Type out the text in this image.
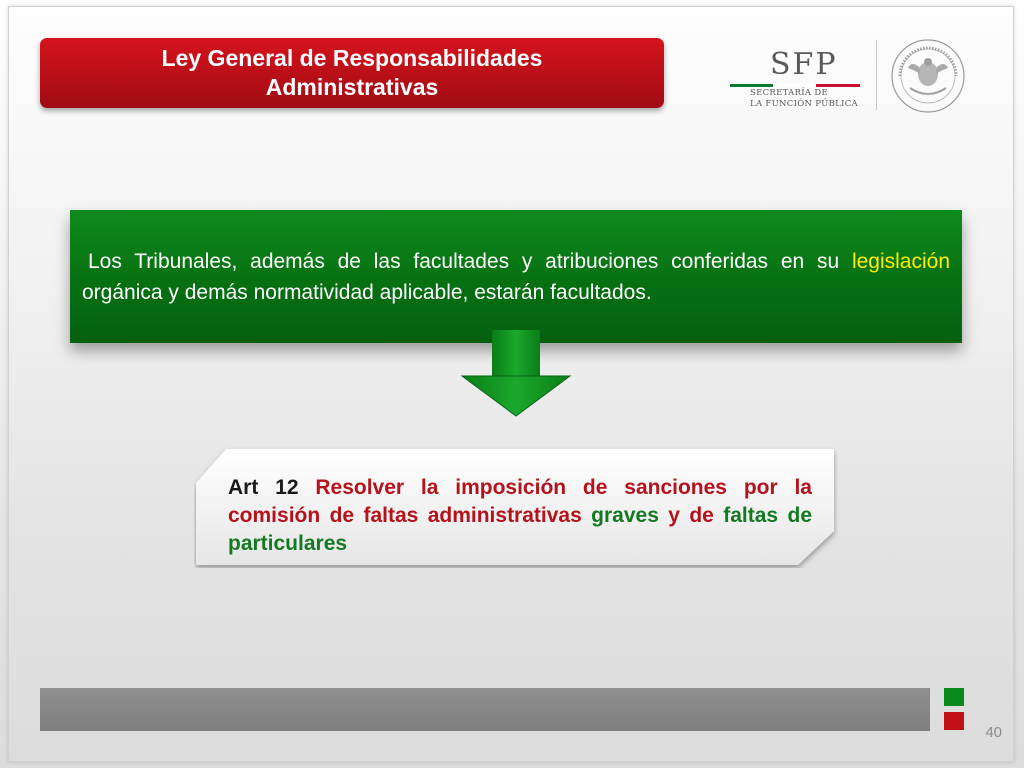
Ley General de Responsabilidades
Administrativas
SFP
SECRETARÍA DE
LA FUNCIÓN PÚBLICA
Los Tribunales, además de las facultades y atribuciones conferidas en su legislación orgánica y demás normatividad aplicable, estarán facultados.
Art 12 Resolver la imposición de sanciones por la comisión de faltas administrativas graves y de faltas de particulares
40
